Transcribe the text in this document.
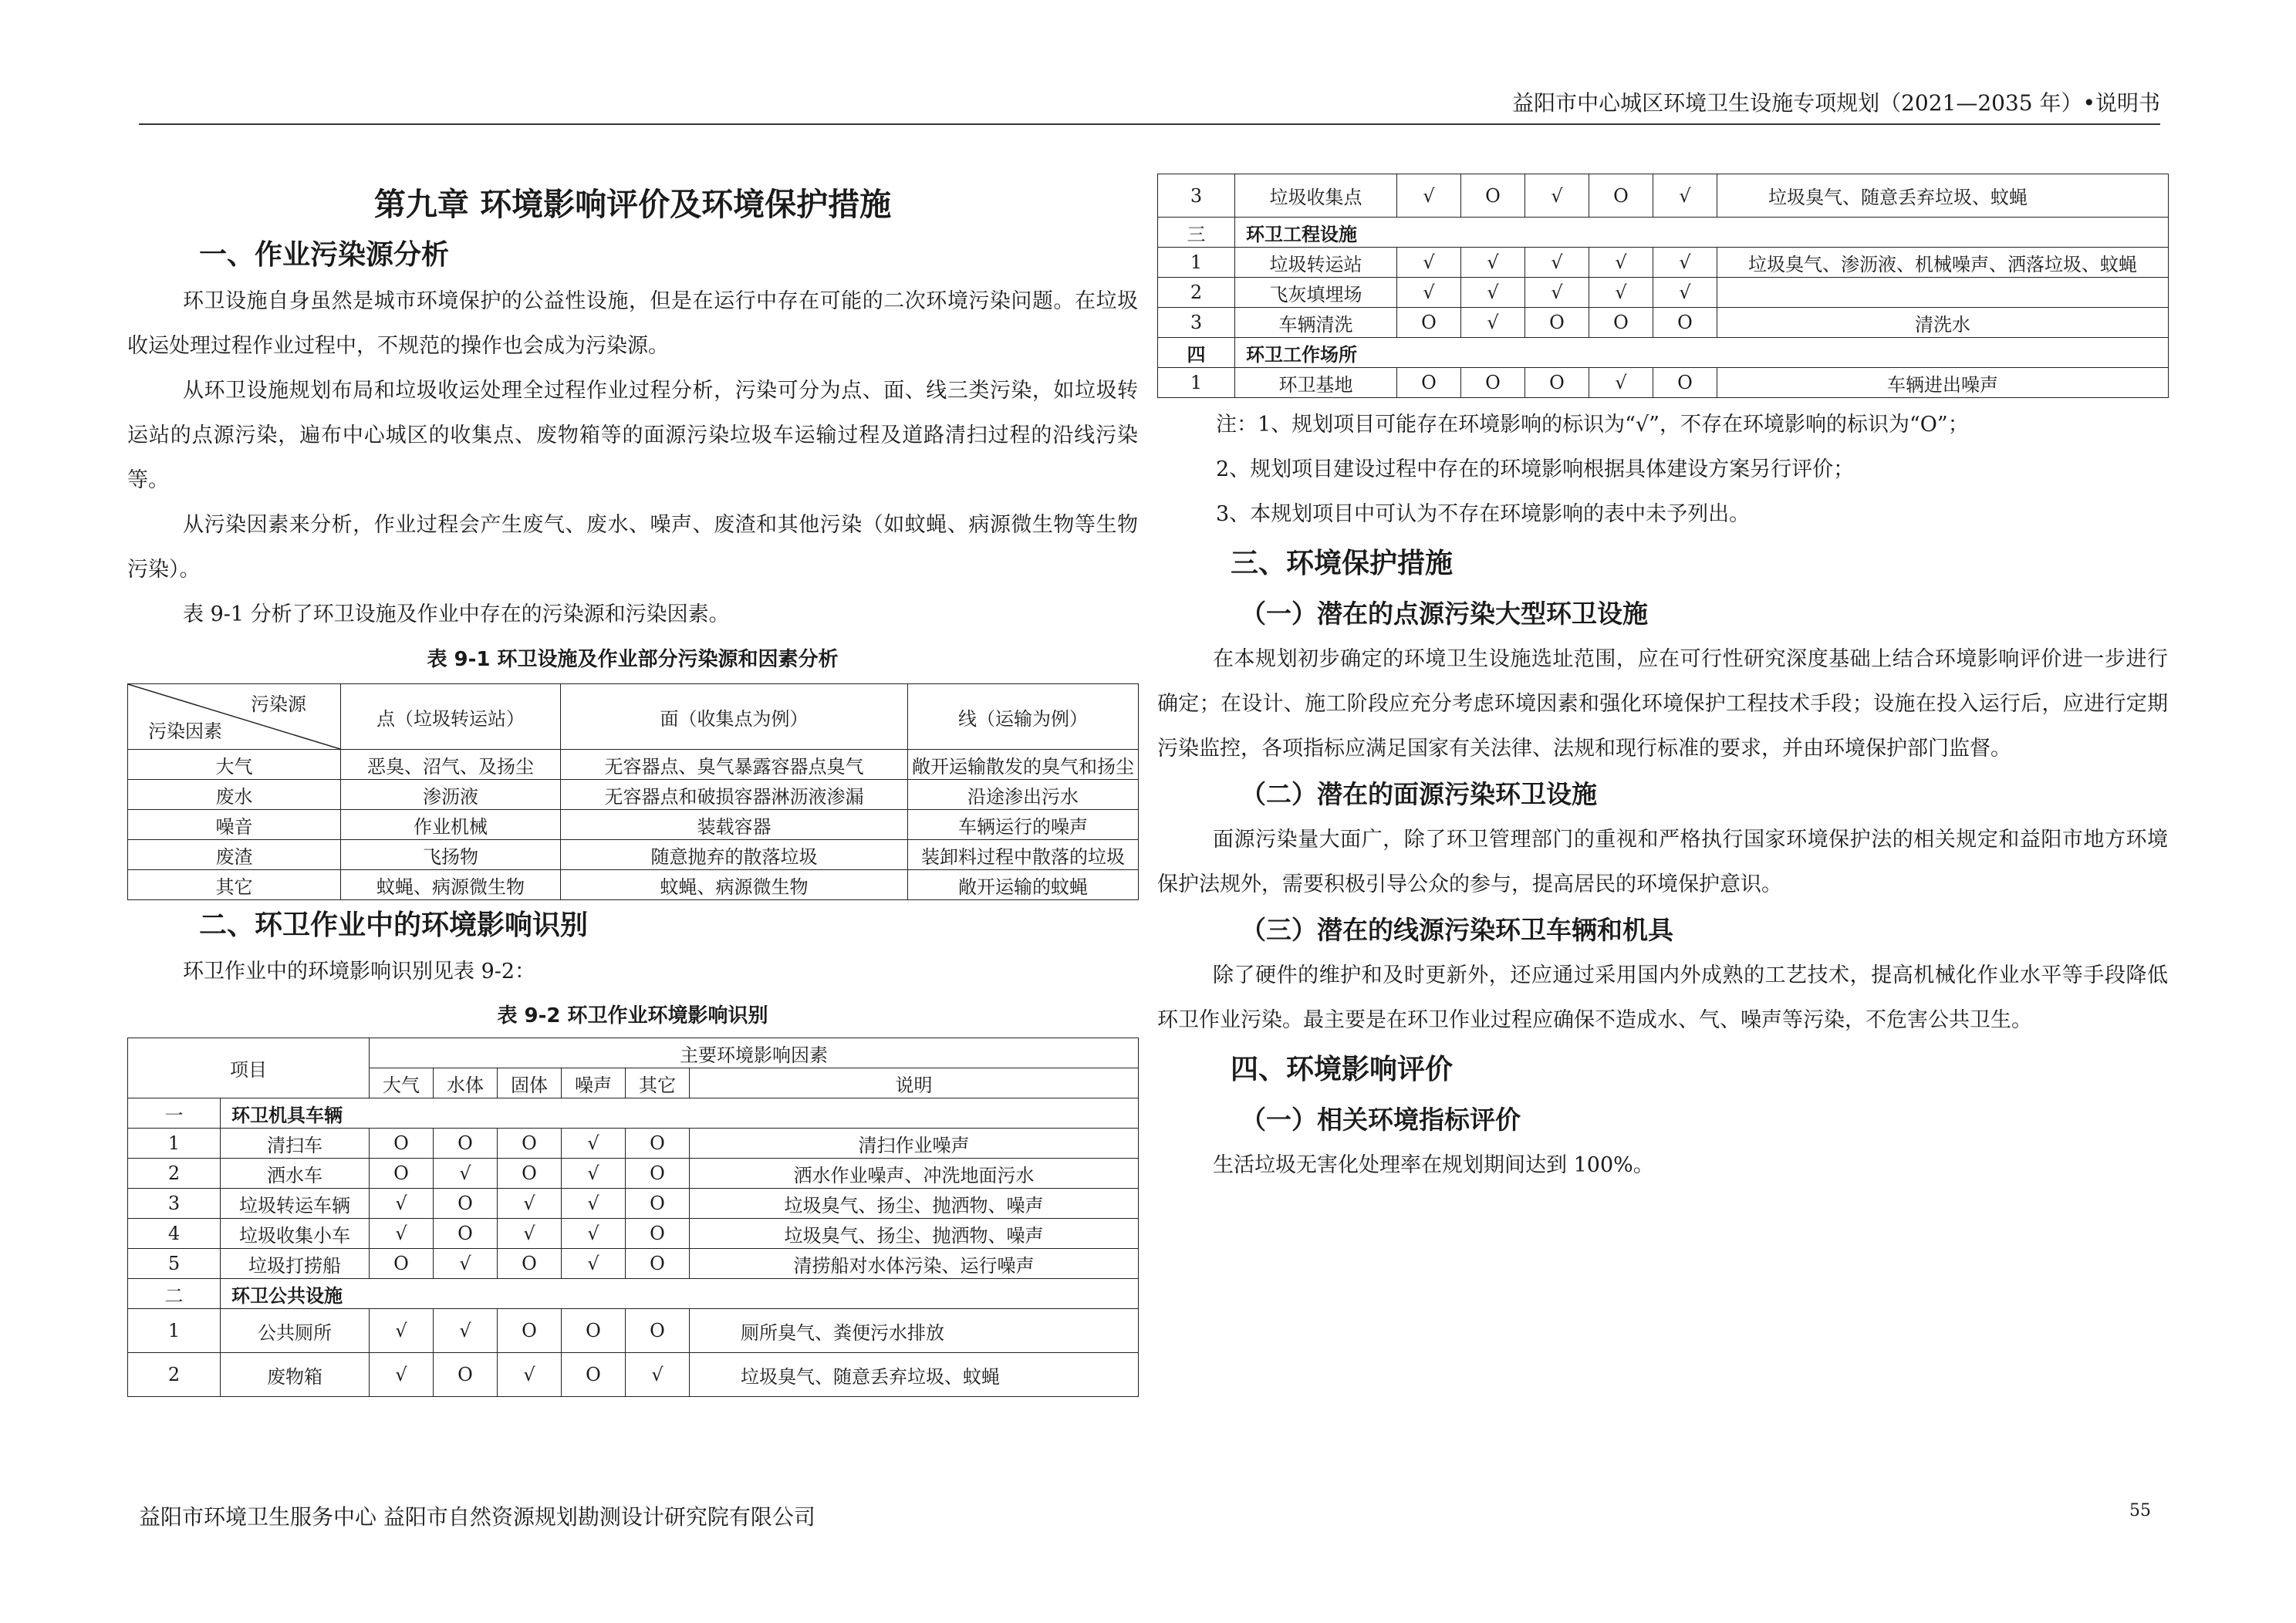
益阳市中心城区环境卫生设施专项规划（2021—2035 年）•说明书
第九章 环境影响评价及环境保护措施
一、作业污染源分析

环卫设施自身虽然是城市环境保护的公益性设施，但是在运行中存在可能的二次环境污染问题。在垃圾收运处理过程作业过程中，不规范的操作也会成为污染源。

从环卫设施规划布局和垃圾收运处理全过程作业过程分析，污染可分为点、面、线三类污染，如垃圾转运站的点源污染，遍布中心城区的收集点、废物箱等的面源污染垃圾车运输过程及道路清扫过程的沿线污染等。

从污染因素来分析，作业过程会产生废气、废水、噪声、废渣和其他污染（如蚊蝇、病源微生物等生物污染）。

表 9-1 分析了环卫设施及作业中存在的污染源和污染因素。

表 9-1 环卫设施及作业部分污染源和因素分析
污染源
污染因素	点（垃圾转运站）	面（收集点为例）	线（运输为例）
大气	恶臭、沼气、及扬尘	无容器点、臭气暴露容器点臭气	敞开运输散发的臭气和扬尘
废水	渗沥液	无容器点和破损容器淋沥液渗漏	沿途渗出污水
噪音	作业机械	装载容器	车辆运行的噪声
废渣	飞扬物	随意抛弃的散落垃圾	装卸料过程中散落的垃圾
其它	蚊蝇、病源微生物	蚊蝇、病源微生物	敞开运输的蚊蝇
二、环卫作业中的环境影响识别

环卫作业中的环境影响识别见表 9-2：

表 9-2 环卫作业环境影响识别
项目		主要环境影响因素					
		大气	水体	固体	噪声	其它	说明
一	环卫机具车辆						
1	清扫车	O	O	O	√	O	清扫作业噪声
2	洒水车	O	√	O	√	O	洒水作业噪声、冲洗地面污水
3	垃圾转运车辆	√	O	√	√	O	垃圾臭气、扬尘、抛洒物、噪声
4	垃圾收集小车	√	O	√	√	O	垃圾臭气、扬尘、抛洒物、噪声
5	垃圾打捞船	O	√	O	√	O	清捞船对水体污染、运行噪声
二	环卫公共设施						
1	公共厕所	√	√	O	O	O	厕所臭气、粪便污水排放
2	废物箱	√	O	√	O	√	垃圾臭气、随意丢弃垃圾、蚊蝇
3	垃圾收集点	√	O	√	O	√	垃圾臭气、随意丢弃垃圾、蚊蝇
三	环卫工程设施						
1	垃圾转运站	√	√	√	√	√	垃圾臭气、渗沥液、机械噪声、洒落垃圾、蚊蝇
2	飞灰填埋场	√	√	√	√	√	
3	车辆清洗	O	√	O	O	O	清洗水
四	环卫工作场所						
1	环卫基地	O	O	O	√	O	车辆进出噪声

注：1、规划项目可能存在环境影响的标识为“√”，不存在环境影响的标识为“O”；

2、规划项目建设过程中存在的环境影响根据具体建设方案另行评价；

3、本规划项目中可认为不存在环境影响的表中未予列出。

三、环境保护措施
（一）潜在的点源污染大型环卫设施

在本规划初步确定的环境卫生设施选址范围，应在可行性研究深度基础上结合环境影响评价进一步进行确定；在设计、施工阶段应充分考虑环境因素和强化环境保护工程技术手段；设施在投入运行后，应进行定期污染监控，各项指标应满足国家有关法律、法规和现行标准的要求，并由环境保护部门监督。

（二）潜在的面源污染环卫设施

面源污染量大面广，除了环卫管理部门的重视和严格执行国家环境保护法的相关规定和益阳市地方环境保护法规外，需要积极引导公众的参与，提高居民的环境保护意识。

（三）潜在的线源污染环卫车辆和机具

除了硬件的维护和及时更新外，还应通过采用国内外成熟的工艺技术，提高机械化作业水平等手段降低环卫作业污染。最主要是在环卫作业过程应确保不造成水、气、噪声等污染，不危害公共卫生。

四、环境影响评价
（一）相关环境指标评价

生活垃圾无害化处理率在规划期间达到 100%。

益阳市环境卫生服务中心 益阳市自然资源规划勘测设计研究院有限公司	55
